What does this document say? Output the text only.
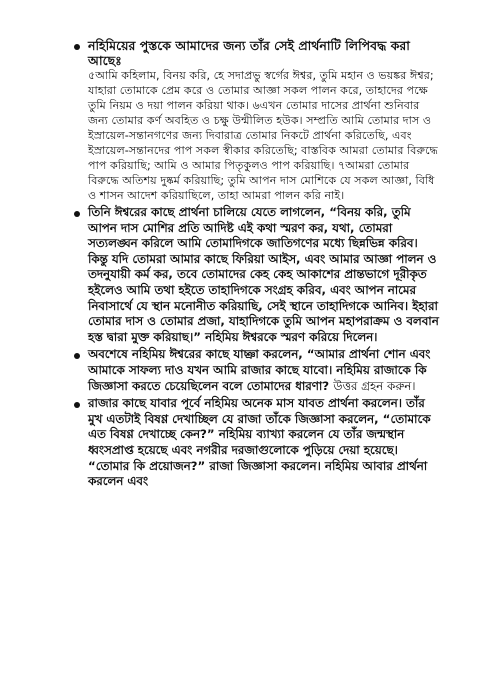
নহিমিয়ের পুস্তকে আমাদের জন্য তাঁর সেই প্রার্থনাটি লিপিবদ্ধ করা আছেঃ

৫আমি কহিলাম, বিনয় করি, হে সদাপ্রভু স্বর্গের ঈশ্বর, তুমি মহান ও ভয়ঙ্কর ঈশ্বর; যাহারা তোমাকে প্রেম করে ও তোমার আজ্ঞা সকল পালন করে, তাহাদের পক্ষে তুমি নিয়ম ও দয়া পালন করিয়া থাক। ৬এখন তোমার দাসের প্রার্থনা শুনিবার জন্য তোমার কর্ণ অবহিত ও চক্ষু উন্মীলিত হউক। সম্প্রতি আমি তোমার দাস ও ইস্রায়েল-সন্তানগণের জন্য দিবারাত্র তোমার নিকটে প্রার্থনা করিতেছি, এবং ইস্রায়েল-সন্তানদের পাপ সকল স্বীকার করিতেছি; বাস্তবিক আমরা তোমার বিরুদ্ধে পাপ করিয়াছি; আমি ও আমার পিতৃকুলও পাপ করিয়াছি। ৭আমরা তোমার বিরুদ্ধে অতিশয় দুষ্কর্ম করিয়াছি; তুমি আপন দাস মোশিকে যে সকল আজ্ঞা, বিধি ও শাসন আদেশ করিয়াছিলে, তাহা আমরা পালন করি নাই।

তিনি ঈশ্বরের কাছে প্রার্থনা চালিয়ে যেতে লাগলেন, “বিনয় করি, তুমি আপন দাস মোশির প্রতি আদিষ্ট এই কথা স্মরণ কর, যথা, তোমরা সত্যলঙ্ঘন করিলে আমি তোমাদিগকে জাতিগণের মধ্যে ছিন্নভিন্ন করিব। কিন্তু যদি তোমরা আমার কাছে ফিরিয়া আইস, এবং আমার আজ্ঞা পালন ও তদনুযায়ী কর্ম কর, তবে তোমাদের কেহ কেহ আকাশের প্রান্তভাগে দূরীকৃত হইলেও আমি তথা হইতে তাহাদিগকে সংগ্রহ করিব, এবং আপন নামের নিবাসার্থে যে স্থান মনোনীত করিয়াছি, সেই স্থানে তাহাদিগকে আনিব। ইহারা তোমার দাস ও তোমার প্রজা, যাহাদিগকে তুমি আপন মহাপরাক্রম ও বলবান হস্ত দ্বারা মুক্ত করিয়াছ।” নহিমিয় ঈশ্বরকে স্মরণ করিয়ে দিলেন।

অবশেষে নহিমিয় ঈশ্বরের কাছে যাচ্ঞা করলেন, “আমার প্রার্থনা শোন এবং আমাকে সাফল্য দাও যখন আমি রাজার কাছে যাবো। নহিমিয় রাজাকে কি জিজ্ঞাসা করতে চেয়েছিলেন বলে তোমাদের ধারণা? উত্তর গ্রহন করুন।

রাজার কাছে যাবার পূর্বে নহিমিয় অনেক মাস যাবত প্রার্থনা করলেন। তাঁর মুখ এতটাই বিষণ্ণ দেখাচ্ছিল যে রাজা তাঁকে জিজ্ঞাসা করলেন, “তোমাকে এত বিষণ্ণ দেখাচ্ছে কেন?” নহিমিয় ব্যাখ্যা করলেন যে তাঁর জন্মস্থান ধ্বংসপ্রাপ্ত হয়েছে এবং নগরীর দরজাগুলোকে পুড়িয়ে দেয়া হয়েছে। “তোমার কি প্রয়োজন?” রাজা জিজ্ঞাসা করলেন। নহিমিয় আবার প্রার্থনা করলেন এবং
